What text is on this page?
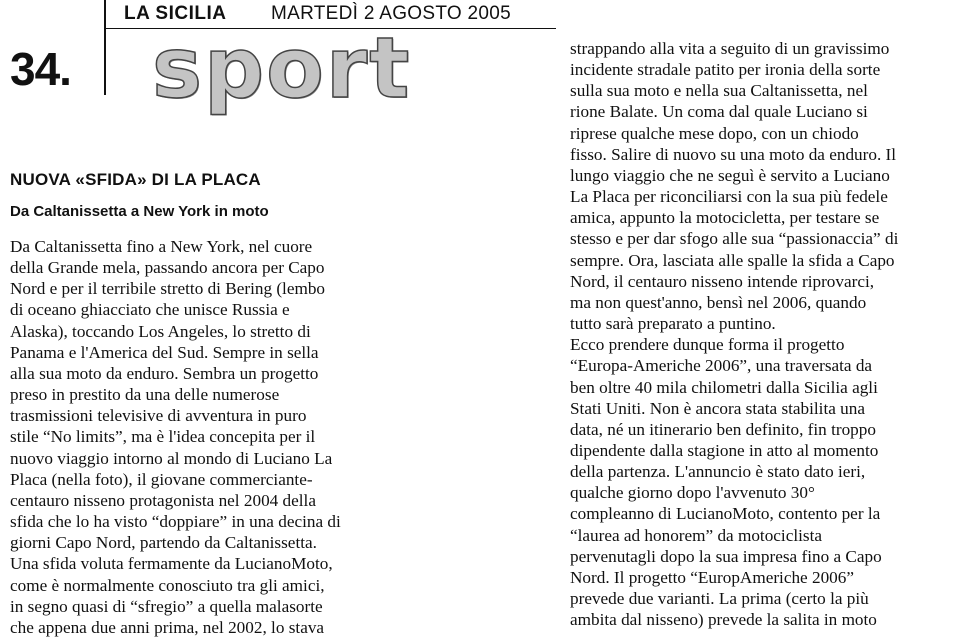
LA SICILIA MARTEDÌ 2 AGOSTO 2005
34. sport
NUOVA «SFIDA» DI LA PLACA
Da Caltanissetta a New York in moto

Da Caltanissetta fino a New York, nel cuore

della Grande mela, passando ancora per Capo

Nord e per il terribile stretto di Bering (lembo

di oceano ghiacciato che unisce Russia e

Alaska), toccando Los Angeles, lo stretto di

Panama e l'America del Sud. Sempre in sella

alla sua moto da enduro. Sembra un progetto

preso in prestito da una delle numerose

trasmissioni televisive di avventura in puro

stile “No limits”, ma è l'idea concepita per il

nuovo viaggio intorno al mondo di Luciano La

Placa (nella foto), il giovane commerciante-

centauro nisseno protagonista nel 2004 della

sfida che lo ha visto “doppiare” in una decina di

giorni Capo Nord, partendo da Caltanissetta.

Una sfida voluta fermamente da LucianoMoto,

come è normalmente conosciuto tra gli amici,

in segno quasi di “sfregio” a quella malasorte

che appena due anni prima, nel 2002, lo stava

strappando alla vita a seguito di un gravissimo

incidente stradale patito per ironia della sorte

sulla sua moto e nella sua Caltanissetta, nel

rione Balate. Un coma dal quale Luciano si

riprese qualche mese dopo, con un chiodo

fisso. Salire di nuovo su una moto da enduro. Il

lungo viaggio che ne seguì è servito a Luciano

La Placa per riconciliarsi con la sua più fedele

amica, appunto la motocicletta, per testare se

stesso e per dar sfogo alle sua “passionaccia” di

sempre. Ora, lasciata alle spalle la sfida a Capo

Nord, il centauro nisseno intende riprovarci,

ma non quest'anno, bensì nel 2006, quando

tutto sarà preparato a puntino.

Ecco prendere dunque forma il progetto

“Europa-Americhe 2006”, una traversata da

ben oltre 40 mila chilometri dalla Sicilia agli

Stati Uniti. Non è ancora stata stabilita una

data, né un itinerario ben definito, fin troppo

dipendente dalla stagione in atto al momento

della partenza. L'annuncio è stato dato ieri,

qualche giorno dopo l'avvenuto 30°

compleanno di LucianoMoto, contento per la

“laurea ad honorem” da motociclista

pervenutagli dopo la sua impresa fino a Capo

Nord. Il progetto “EuropAmeriche 2006”

prevede due varianti. La prima (certo la più

ambita dal nisseno) prevede la salita in moto
